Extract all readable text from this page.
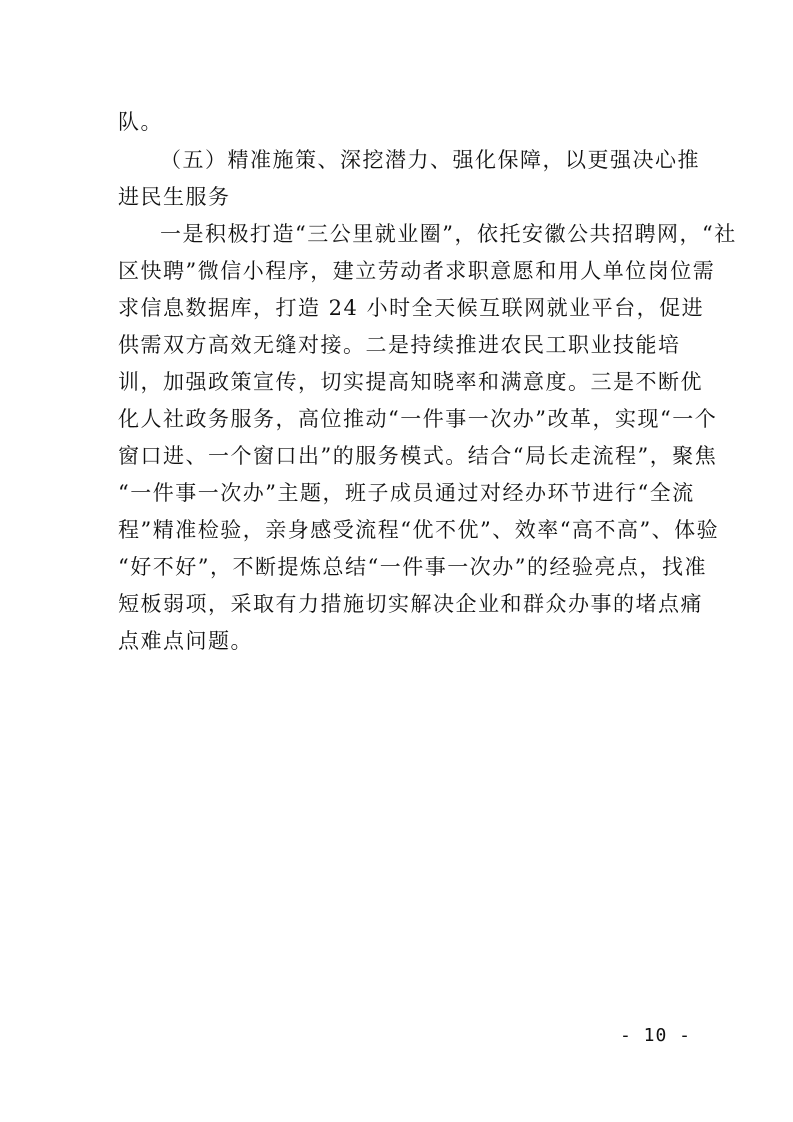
队。
（五）精准施策、深挖潜力、强化保障，以更强决心推
进民生服务
一是积极打造“三公里就业圈”，依托安徽公共招聘网，“社
区快聘”微信小程序，建立劳动者求职意愿和用人单位岗位需
求信息数据库，打造 24 小时全天候互联网就业平台，促进
供需双方高效无缝对接。二是持续推进农民工职业技能培
训，加强政策宣传，切实提高知晓率和满意度。三是不断优
化人社政务服务，高位推动“一件事一次办”改革，实现“一个
窗口进、一个窗口出”的服务模式。结合“局长走流程”，聚焦
“一件事一次办”主题，班子成员通过对经办环节进行“全流
程”精准检验，亲身感受流程“优不优”、效率“高不高”、体验
“好不好”，不断提炼总结“一件事一次办”的经验亮点，找准
短板弱项，采取有力措施切实解决企业和群众办事的堵点痛
点难点问题。
- 10 -
